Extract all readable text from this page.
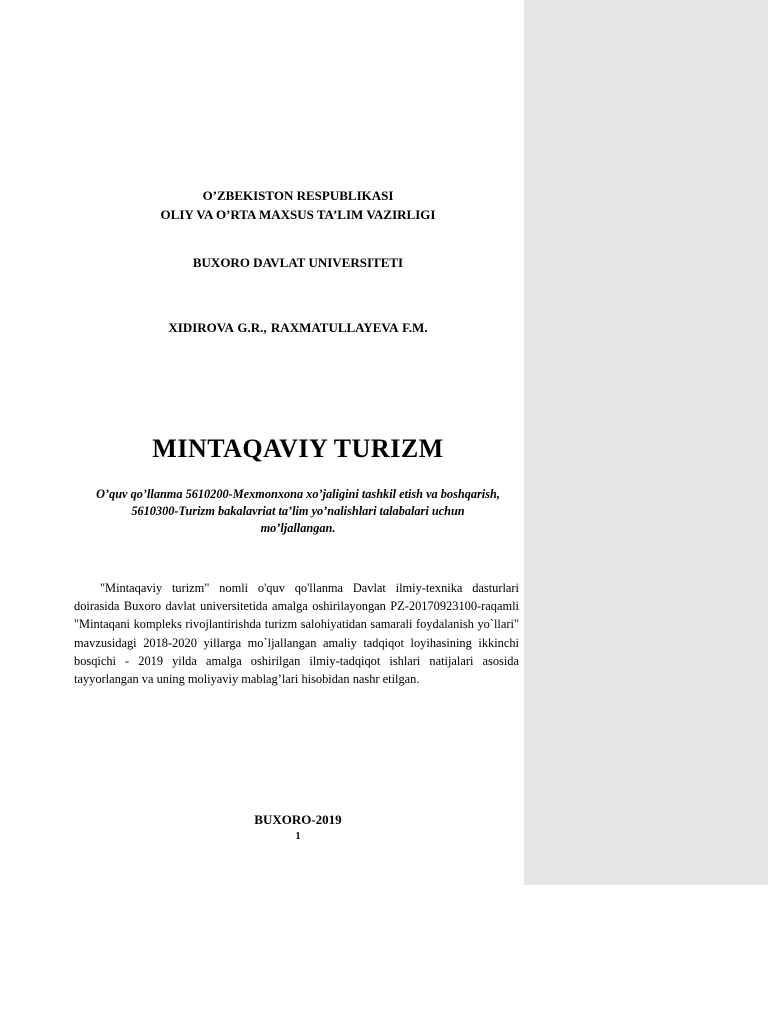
O’ZBEKISTON RESPUBLIKASI
OLIY VA O’RTA MAXSUS TA’LIM VAZIRLIGI
BUXORO DAVLAT UNIVERSITETI
XIDIROVA G.R., RAXMATULLAYEVA F.M.
MINTAQAVIY TURIZM
O’quv qo’llanma 5610200-Mexmonxona xo’jaligini tashkil etish va boshqarish,
5610300-Turizm bakalavriat ta’lim yo’nalishlari talabalari uchun
mo’ljallangan.

"Mintaqaviy turizm" nomli o'quv qo'llanma Davlat ilmiy-texnika dasturlari doirasida Buxoro davlat universitetida amalga oshirilayongan PZ-20170923100-raqamli "Mintaqani kompleks rivojlantirishda turizm salohiyatidan samarali foydalanish yo`llari" mavzusidagi 2018-2020 yillarga mo`ljallangan amaliy tadqiqot loyihasining ikkinchi bosqichi - 2019 yilda amalga oshirilgan ilmiy-tadqiqot ishlari natijalari asosida tayyorlangan va uning moliyaviy mablag’lari hisobidan nashr etilgan.

BUXORO-2019
1
